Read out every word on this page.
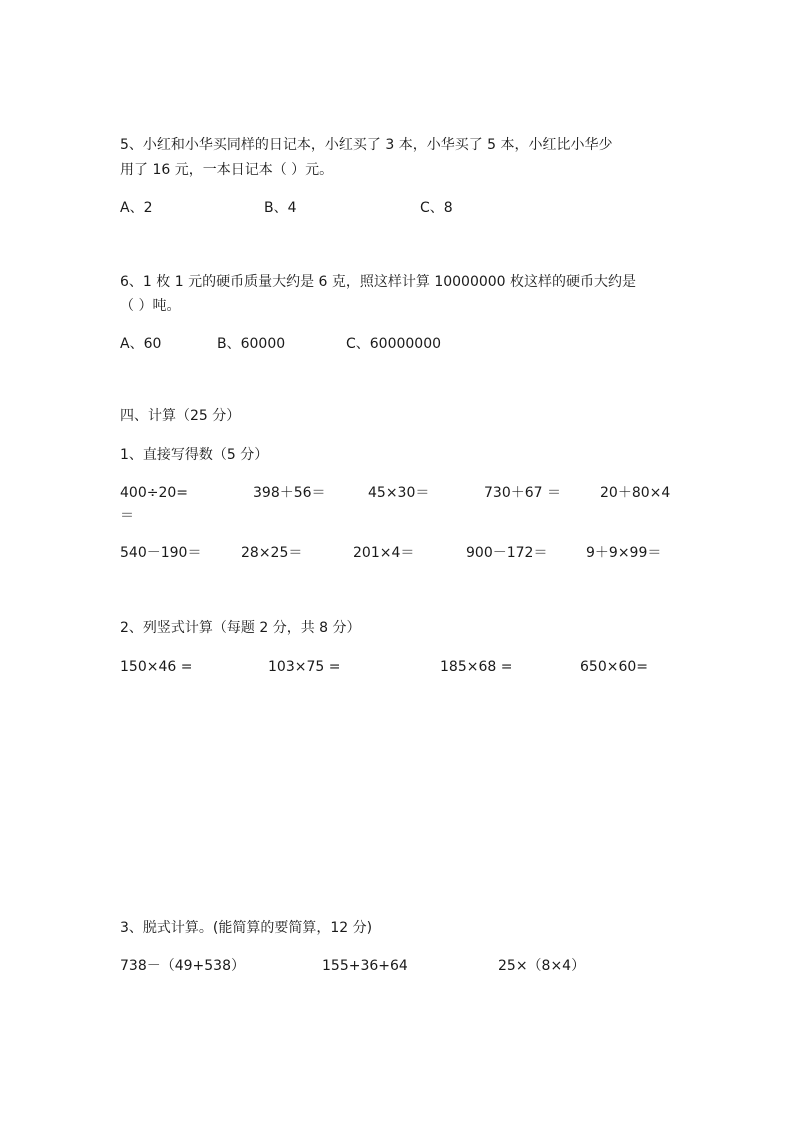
5、小红和小华买同样的日记本，小红买了 3 本，小华买了 5 本，小红比小华少
用了 16 元，一本日记本（ ）元。
A、2	B、4	C、8
6、1 枚 1 元的硬币质量大约是 6 克，照这样计算 10000000 枚这样的硬币大约是
（ ）吨。
A、60	B、60000	C、60000000
四、计算（25 分）
1、直接写得数（5 分）
400÷20=	398＋56＝	45×30＝	730＋67 ＝	20＋80×4
＝
540－190＝	28×25＝	201×4＝	900－172＝	9＋9×99＝
2、列竖式计算（每题 2 分，共 8 分）
150×46 =	103×75 =	185×68 =	650×60=
3、脱式计算。(能简算的要简算，12 分)
738－（49+538）	155+36+64	25×（8×4）
